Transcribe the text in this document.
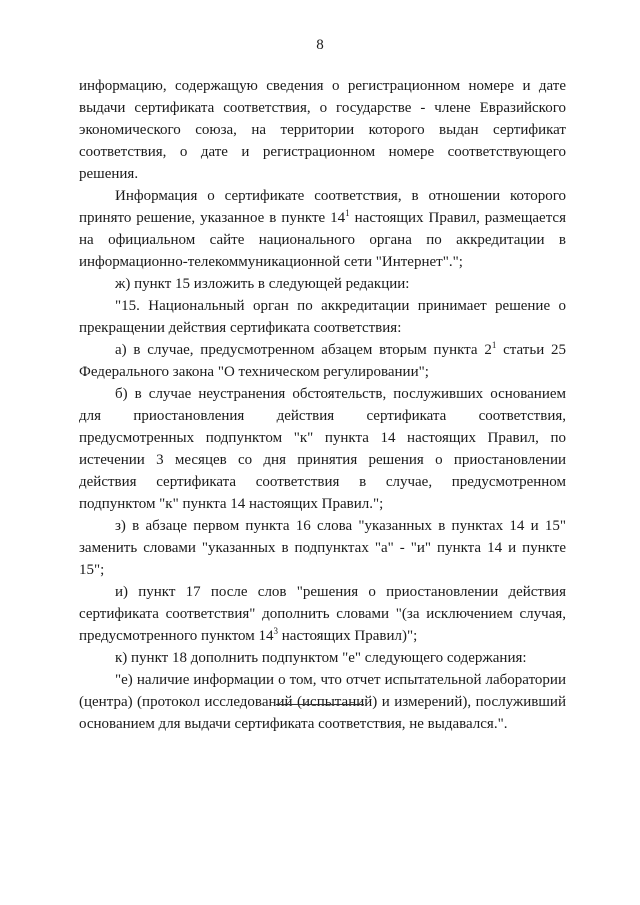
8

информацию, содержащую сведения о регистрационном номере и дате выдачи сертификата соответствия, о государстве - члене Евразийского экономического союза, на территории которого выдан сертификат соответствия, о дате и регистрационном номере соответствующего решения.

Информация о сертификате соответствия, в отношении которого принято решение, указанное в пункте $14^1$ настоящих Правил, размещается на официальном сайте национального органа по аккредитации в информационно-телекоммуникационной сети "Интернет".";

ж) пункт 15 изложить в следующей редакции:

"15. Национальный орган по аккредитации принимает решение о прекращении действия сертификата соответствия:

а) в случае, предусмотренном абзацем вторым пункта $2^1$ статьи 25 Федерального закона "О техническом регулировании";

б) в случае неустранения обстоятельств, послуживших основанием для приостановления действия сертификата соответствия, предусмотренных подпунктом "к" пункта 14 настоящих Правил, по истечении 3 месяцев со дня принятия решения о приостановлении действия сертификата соответствия в случае, предусмотренном подпунктом "к" пункта 14 настоящих Правил.";

з) в абзаце первом пункта 16 слова "указанных в пунктах 14 и 15" заменить словами "указанных в подпунктах "а" - "и" пункта 14 и пункте 15";

и) пункт 17 после слов "решения о приостановлении действия сертификата соответствия" дополнить словами "(за исключением случая, предусмотренного пунктом $14^3$ настоящих Правил)";

к) пункт 18 дополнить подпунктом "е" следующего содержания:

"е) наличие информации о том, что отчет испытательной лаборатории (центра) (протокол исследований (испытаний) и измерений), послуживший основанием для выдачи сертификата соответствия, не выдавался.".
